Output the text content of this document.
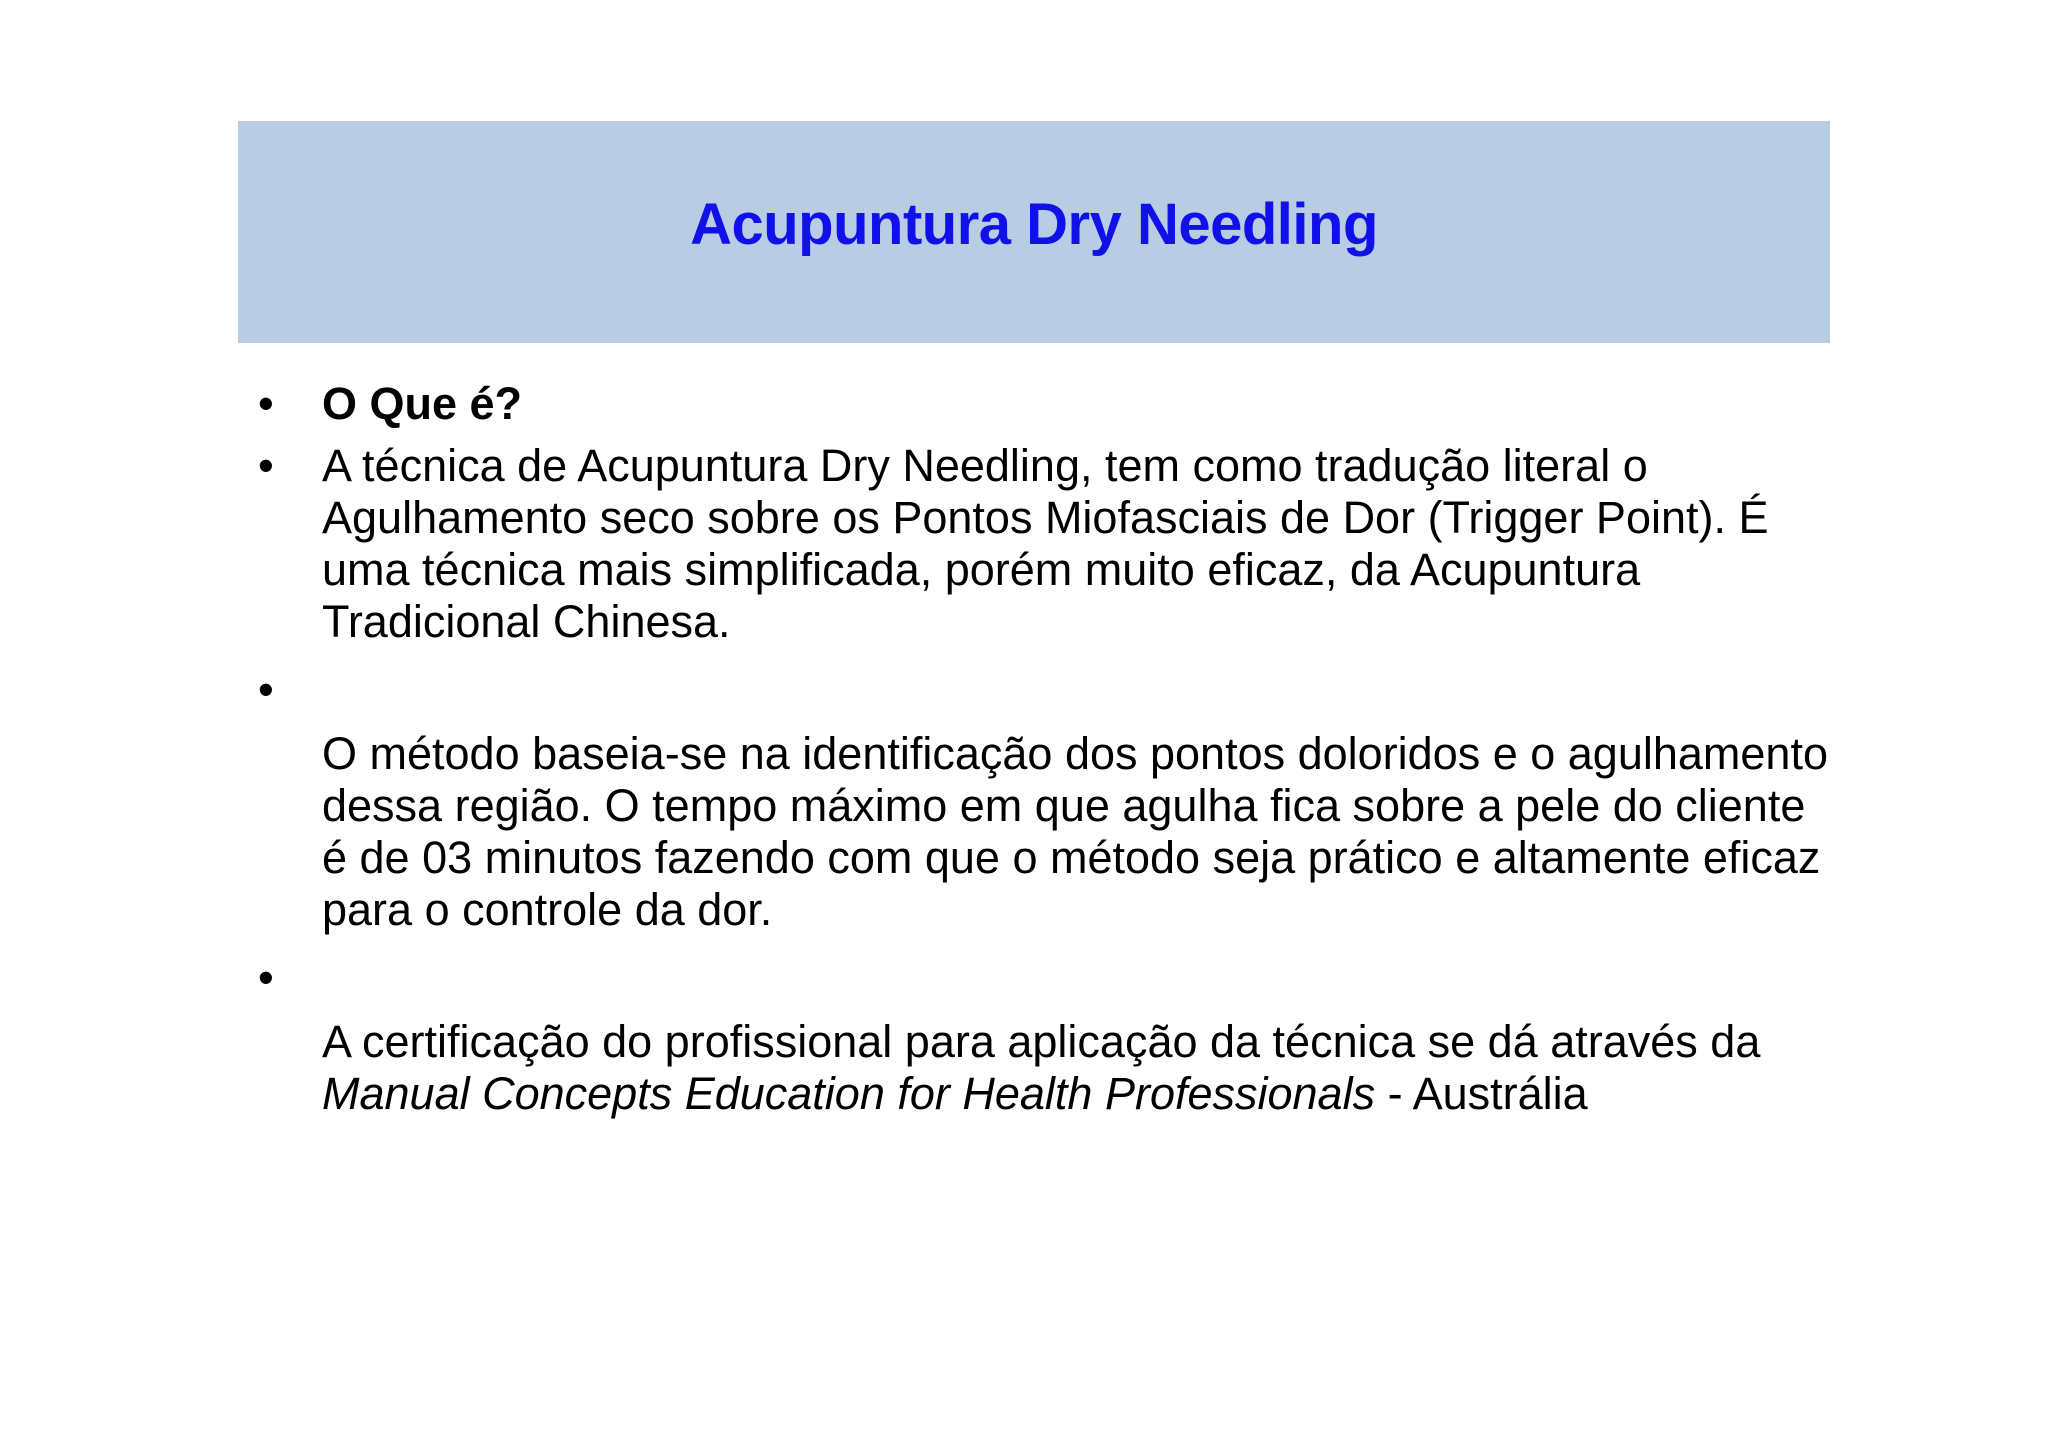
Acupuntura Dry Needling
•	O Que é?
•	A técnica de Acupuntura Dry Needling, tem como tradução literal o Agulhamento seco sobre os Pontos Miofasciais de Dor (Trigger Point). É uma técnica mais simplificada, porém muito eficaz, da Acupuntura Tradicional Chinesa.
•
O método baseia-se na identificação dos pontos doloridos e o agulhamento dessa região. O tempo máximo em que agulha fica sobre a pele do cliente é de 03 minutos fazendo com que o método seja prático e altamente eficaz para o controle da dor.
•
A certificação do profissional para aplicação da técnica se dá através da Manual Concepts Education for Health Professionals - Austrália
